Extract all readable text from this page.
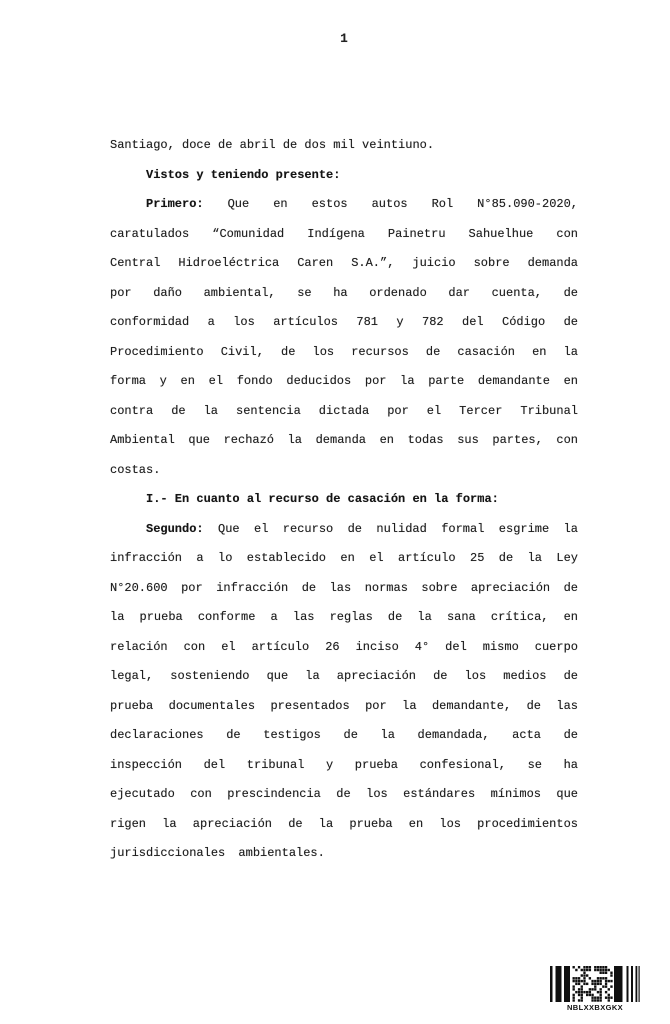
1

Santiago, doce de abril de dos mil veintiuno.

Vistos y teniendo presente:

Primero: Que en estos autos Rol N°85.090-2020, caratulados “Comunidad Indígena Painetru Sahuelhue con Central Hidroeléctrica Caren S.A.”, juicio sobre demanda por daño ambiental, se ha ordenado dar cuenta, de conformidad a los artículos 781 y 782 del Código de Procedimiento Civil, de los recursos de casación en la forma y en el fondo deducidos por la parte demandante en contra de la sentencia dictada por el Tercer Tribunal Ambiental que rechazó la demanda en todas sus partes, con costas.

I.- En cuanto al recurso de casación en la forma:

Segundo: Que el recurso de nulidad formal esgrime la infracción a lo establecido en el artículo 25 de la Ley N°20.600 por infracción de las normas sobre apreciación de la prueba conforme a las reglas de la sana crítica, en relación con el artículo 26 inciso 4° del mismo cuerpo legal, sosteniendo que la apreciación de los medios de prueba documentales presentados por la demandante, de las declaraciones de testigos de la demandada, acta de inspección del tribunal y prueba confesional, se ha ejecutado con prescindencia de los estándares mínimos que rigen la apreciación de la prueba en los procedimientos jurisdiccionales ambientales.

NBLXXBXGKX
